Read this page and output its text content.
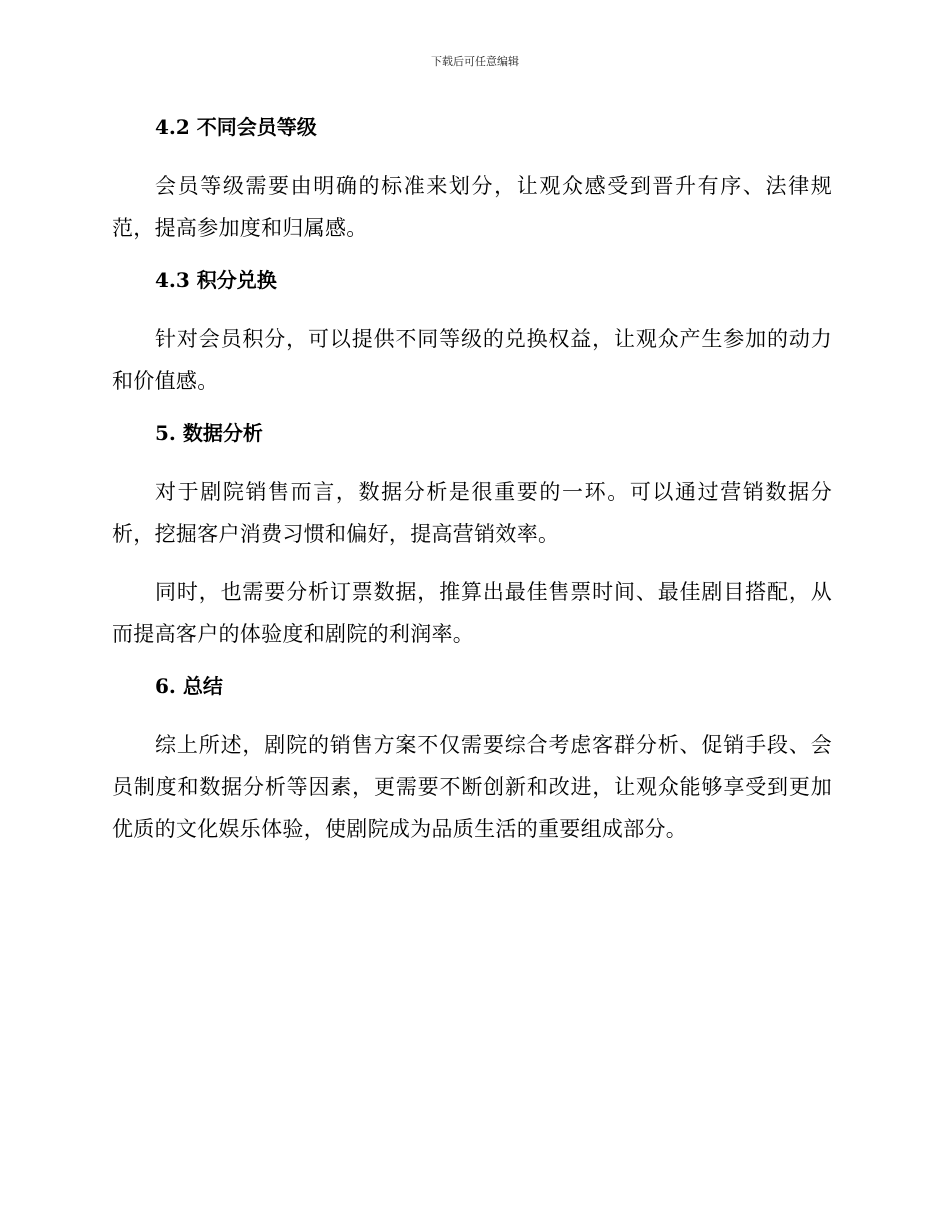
下载后可任意编辑
4.2 不同会员等级

会员等级需要由明确的标准来划分，让观众感受到晋升有序、法律规范，提高参加度和归属感。

4.3 积分兑换

针对会员积分，可以提供不同等级的兑换权益，让观众产生参加的动力和价值感。

5. 数据分析

对于剧院销售而言，数据分析是很重要的一环。可以通过营销数据分析，挖掘客户消费习惯和偏好，提高营销效率。

同时，也需要分析订票数据，推算出最佳售票时间、最佳剧目搭配，从而提高客户的体验度和剧院的利润率。

6. 总结

综上所述，剧院的销售方案不仅需要综合考虑客群分析、促销手段、会员制度和数据分析等因素，更需要不断创新和改进，让观众能够享受到更加优质的文化娱乐体验，使剧院成为品质生活的重要组成部分。
